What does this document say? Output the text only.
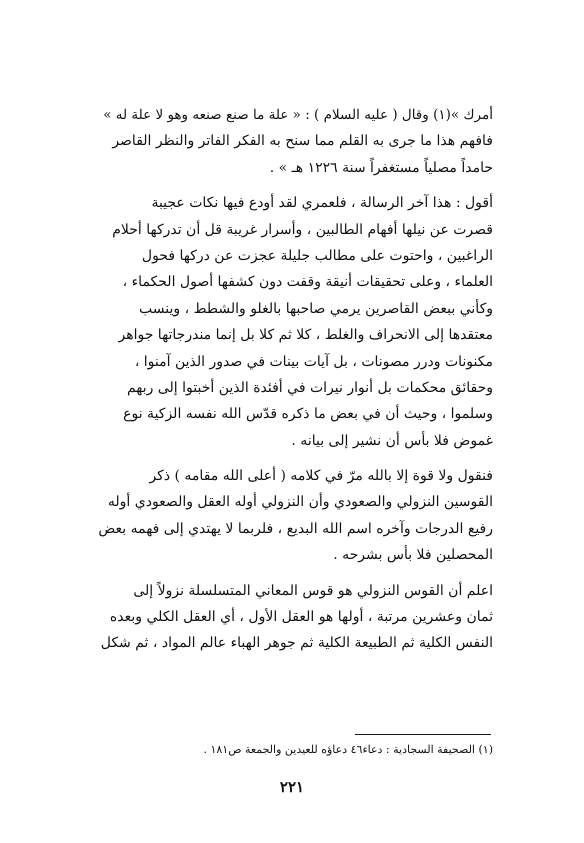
أمرك »(١) وقال ( عليه السلام ) : « علة ما صنع صنعه وهو لا علة له »
فافهم هذا ما جرى به القلم مما سنح به الفكر الفاتر والنظر القاصر
حامداً مصلياً مستغفراً سنة ١٢٢٦ هـ » .
أقول : هذا آخر الرسالة ، فلعمري لقد أودع فيها نكات عجيبة
قصرت عن نيلها أفهام الطالبين ، وأسرار غريبة قل أن تدركها أحلام
الراغبين ، واحتوت على مطالب جليلة عجزت عن دركها فحول
العلماء ، وعلى تحقيقات أنيقة وقفت دون كشفها أصول الحكماء ،
وكأني ببعض القاصرين يرمي صاحبها بالغلو والشطط ، وينسب
معتقدها إلى الانحراف والغلط ، كلا ثم كلا بل إنما مندرجاتها جواهر
مكنونات ودرر مصونات ، بل آيات بينات في صدور الذين آمنوا ،
وحقائق محكمات بل أنوار نيرات في أفئدة الذين أخبتوا إلى ربهم
وسلموا ، وحيث أن في بعض ما ذكره قدّس الله نفسه الزكية نوع
غموض فلا بأس أن نشير إلى بيانه .
فنقول ولا قوة إلا بالله مرّ في كلامه ( أعلى الله مقامه ) ذكر
القوسين النزولي والصعودي وأن النزولي أوله العقل والصعودي أوله
رفيع الدرجات وآخره اسم الله البديع ، فلربما لا يهتدي إلى فهمه بعض
المحصلين فلا بأس بشرحه .
اعلم أن القوس النزولي هو قوس المعاني المتسلسلة نزولاً إلى
ثمان وعشرين مرتبة ، أولها هو العقل الأول ، أي العقل الكلي وبعده
النفس الكلية ثم الطبيعة الكلية ثم جوهر الهباء عالم المواد ، ثم شكل
(١) الصحيفة السجادية : دعاء٤٦ دعاؤه للعيدين والجمعة ص١٨١ .
٢٢١
